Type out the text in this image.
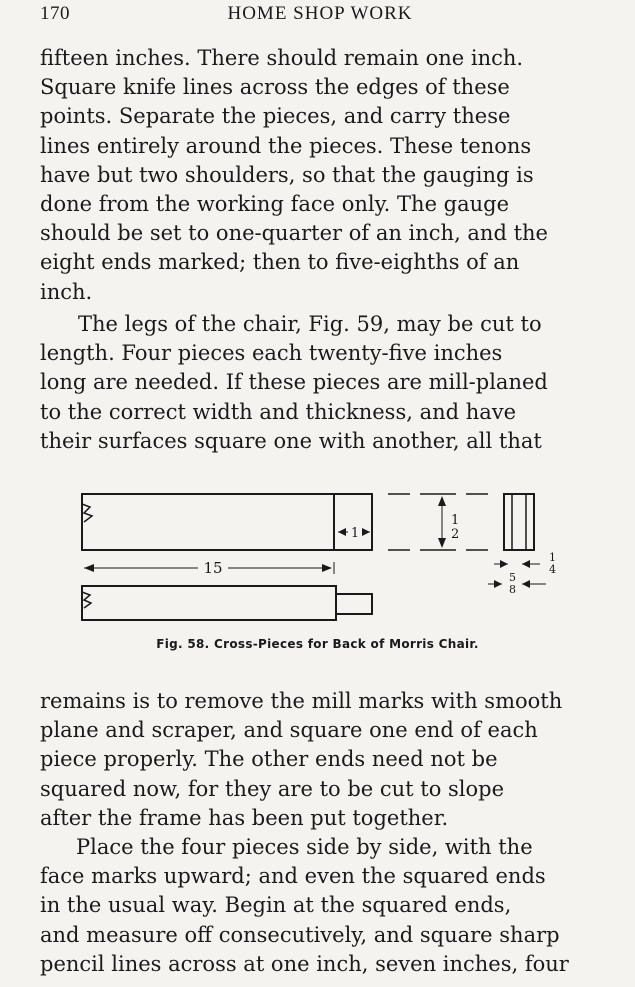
170	HOME SHOP WORK

fifteen inches. There should remain one inch.
Square knife lines across the edges of these
points. Separate the pieces, and carry these
lines entirely around the pieces. These tenons
have but two shoulders, so that the gauging is
done from the working face only. The gauge
should be set to one-quarter of an inch, and the
eight ends marked; then to five-eighths of an
inch.

The legs of the chair, Fig. 59, may be cut to
length. Four pieces each twenty-five inches
long are needed. If these pieces are mill-planed
to the correct width and thickness, and have
their surfaces square one with another, all that

1
15
1
2
1
4
5
8
Fig. 58. Cross-Pieces for Back of Morris Chair.

remains is to remove the mill marks with smooth
plane and scraper, and square one end of each
piece properly. The other ends need not be
squared now, for they are to be cut to slope
after the frame has been put together.

Place the four pieces side by side, with the
face marks upward; and even the squared ends
in the usual way. Begin at the squared ends,
and measure off consecutively, and square sharp
pencil lines across at one inch, seven inches, four
